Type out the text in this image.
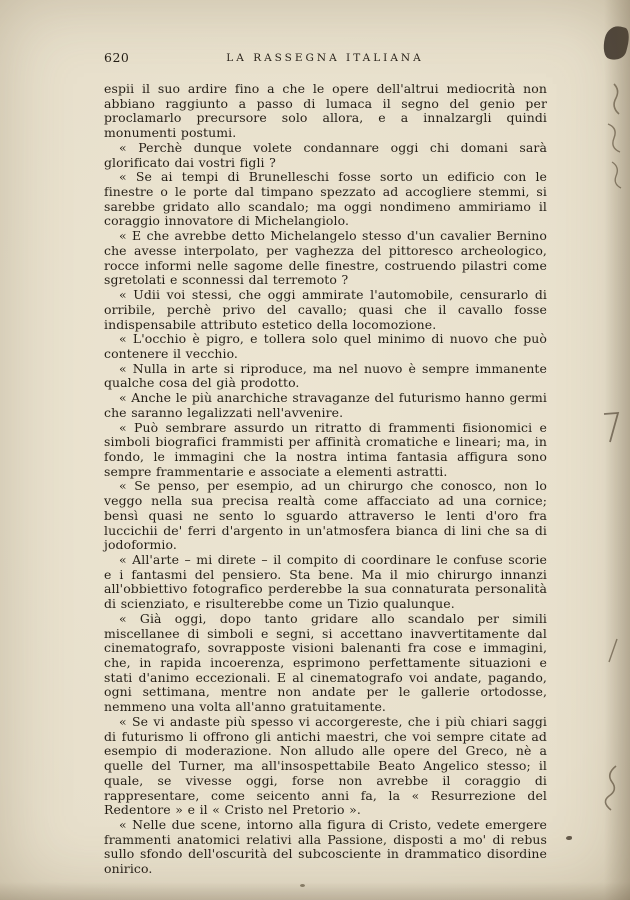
620	LA RASSEGNA ITALIANA

espii il suo ardire fino a che le opere dell'altrui mediocrità non abbiano raggiunto a passo di lumaca il segno del genio per proclamarlo precursore solo allora, e a innalzargli quindi monumenti postumi.

« Perchè dunque volete condannare oggi chi domani sarà glorificato dai vostri figli ?

« Se ai tempi di Brunelleschi fosse sorto un edificio con le finestre o le porte dal timpano spezzato ad accogliere stemmi, si sarebbe gridato allo scandalo; ma oggi nondimeno ammiriamo il coraggio innovatore di Michelangiolo.

« E che avrebbe detto Michelangelo stesso d'un cavalier Bernino che avesse interpolato, per vaghezza del pittoresco archeologico, rocce informi nelle sagome delle finestre, costruendo pilastri come sgretolati e sconnessi dal terremoto ?

« Udii voi stessi, che oggi ammirate l'automobile, censurarlo di orribile, perchè privo del cavallo; quasi che il cavallo fosse indispensabile attributo estetico della locomozione.

« L'occhio è pigro, e tollera solo quel minimo di nuovo che può contenere il vecchio.

« Nulla in arte si riproduce, ma nel nuovo è sempre immanente qualche cosa del già prodotto.

« Anche le più anarchiche stravaganze del futurismo hanno germi che saranno legalizzati nell'avvenire.

« Può sembrare assurdo un ritratto di frammenti fisionomici e simboli biografici frammisti per affinità cromatiche e lineari; ma, in fondo, le immagini che la nostra intima fantasia affigura sono sempre frammentarie e associate a elementi astratti.

« Se penso, per esempio, ad un chirurgo che conosco, non lo veggo nella sua precisa realtà come affacciato ad una cornice; bensì quasi ne sento lo sguardo attraverso le lenti d'oro fra luccichii de' ferri d'argento in un'atmosfera bianca di lini che sa di jodoformio.

« All'arte – mi direte – il compito di coordinare le confuse scorie e i fantasmi del pensiero. Sta bene. Ma il mio chirurgo innanzi all'obbiettivo fotografico perderebbe la sua connaturata personalità di scienziato, e risulterebbe come un Tizio qualunque.

« Già oggi, dopo tanto gridare allo scandalo per simili miscellanee di simboli e segni, si accettano inavvertitamente dal cinematografo, sovrapposte visioni balenanti fra cose e immagini, che, in rapida incoerenza, esprimono perfettamente situazioni e stati d'animo eccezionali. E al cinematografo voi andate, pagando, ogni settimana, mentre non andate per le gallerie ortodosse, nemmeno una volta all'anno gratuitamente.

« Se vi andaste più spesso vi accorgereste, che i più chiari saggi di futurismo li offrono gli antichi maestri, che voi sempre citate ad esempio di moderazione. Non alludo alle opere del Greco, nè a quelle del Turner, ma all'insospettabile Beato Angelico stesso; il quale, se vivesse oggi, forse non avrebbe il coraggio di rappresentare, come seicento anni fa, la « Resurrezione del Redentore » e il « Cristo nel Pretorio ».

« Nelle due scene, intorno alla figura di Cristo, vedete emergere frammenti anatomici relativi alla Passione, disposti a mo' di rebus sullo sfondo dell'oscurità del subcosciente in drammatico disordine onirico.
